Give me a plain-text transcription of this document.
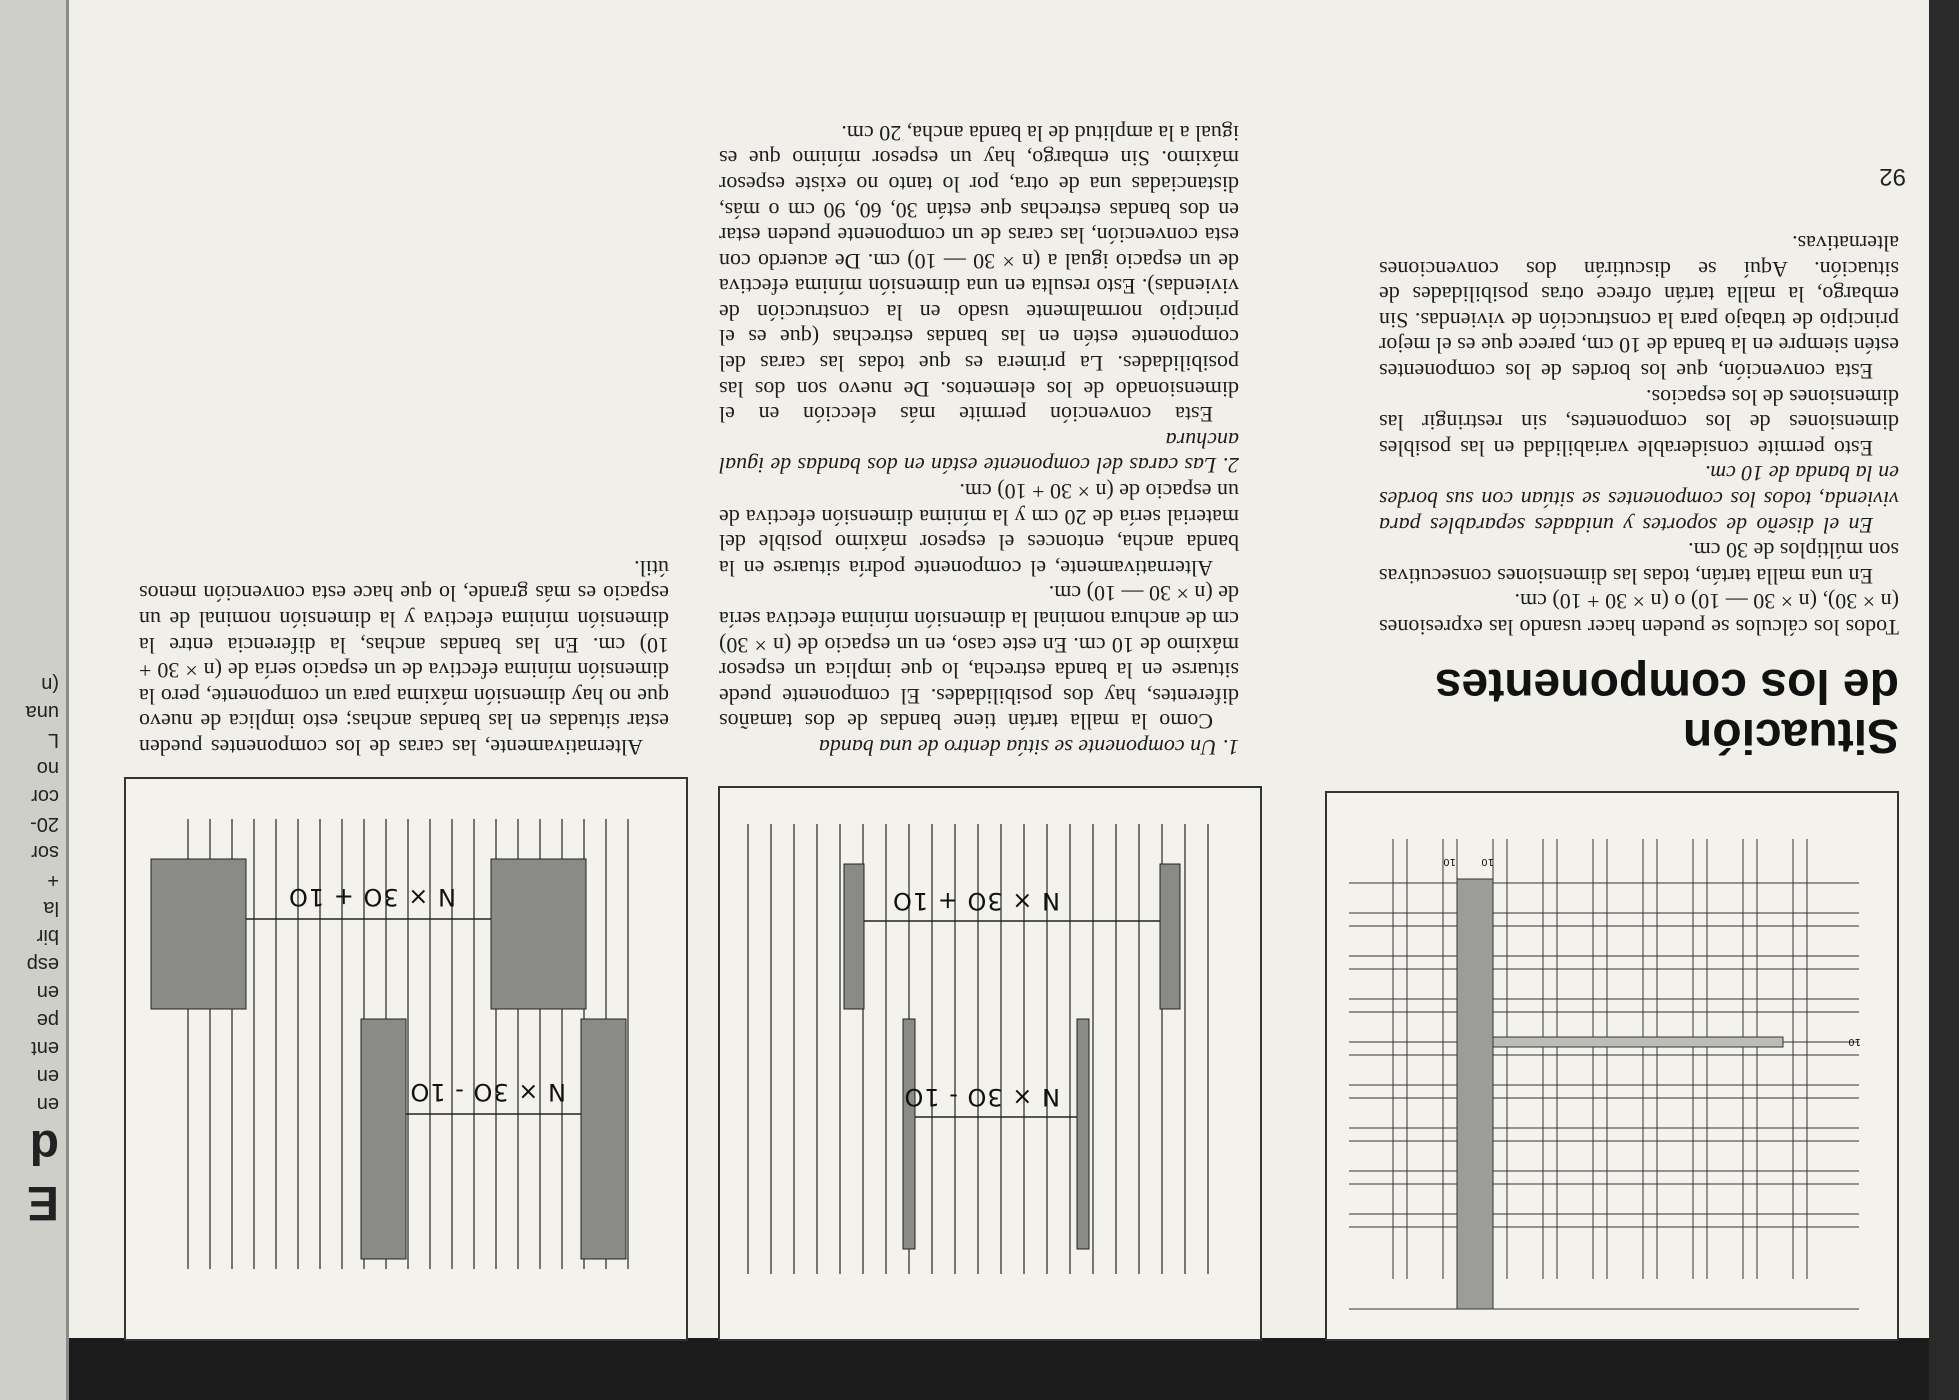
92
Situación
de los componentes

Todos los cálculos se pueden hacer usando las expresiones (n × 30), (n × 30 — 10) o (n × 30 + 10) cm.

En una malla tartán, todas las dimensiones consecutivas son múltiplos de 30 cm.

En el diseño de soportes y unidades separables para vivienda, todos los componentes se sitúan con sus bordes en la banda de 10 cm.

Esto permite considerable variabilidad en las posibles dimensiones de los componentes, sin restringir las dimensiones de los espacios.

Esta convención, que los bordes de los componentes estén siempre en la banda de 10 cm, parece que es el mejor principio de trabajo para la construcción de viviendas. Sin embargo, la malla tartán ofrece otras posibilidades de situación. Aquí se discutirán dos convenciones alternativas.

1. Un componente se sitúa dentro de una banda

Como la malla tartán tiene bandas de dos tamaños diferentes, hay dos posibilidades. El componente puede situarse en la banda estrecha, lo que implica un espesor máximo de 10 cm. En este caso, en un espacio de (n × 30) cm de anchura nominal la dimensión mínima efectiva sería de (n × 30 — 10) cm.

Alternativamente, el componente podría situarse en la banda ancha, entonces el espesor máximo posible del material sería de 20 cm y la mínima dimensión efectiva de un espacio de (n × 30 + 10) cm.

2. Las caras del componente están en dos bandas de igual anchura

Esta convención permite más elección en el dimensionado de los elementos. De nuevo son dos las posibilidades. La primera es que todas las caras del componente estén en las bandas estrechas (que es el principio normalmente usado en la construcción de viviendas). Esto resulta en una dimensión mínima efectiva de un espacio igual a (n × 30 — 10) cm. De acuerdo con esta convención, las caras de un componente pueden estar en dos bandas estrechas que están 30, 60, 90 cm o más, distanciadas una de otra, por lo tanto no existe espesor máximo. Sin embargo, hay un espesor mínimo que es igual a la amplitud de la banda ancha, 20 cm.

Alternativamente, las caras de los componentes pueden estar situadas en las bandas anchas; esto implica de nuevo que no hay dimensión máxima para un componente, pero la dimensión mínima efectiva de un espacio sería de (n × 30 + 10) cm. En las bandas anchas, la diferencia entre la dimensión mínima efectiva y la dimensión nominal de un espacio es más grande, lo que hace esta convención menos útil.

10
10
10
N × 3O - 1O
N × 3O + 1O
N × 3O - 1O
N × 3O + 1O
E
d
en
en
ent
pe
en
esp
bir
la
+
sor
20-
cor
no
L
una
(n
